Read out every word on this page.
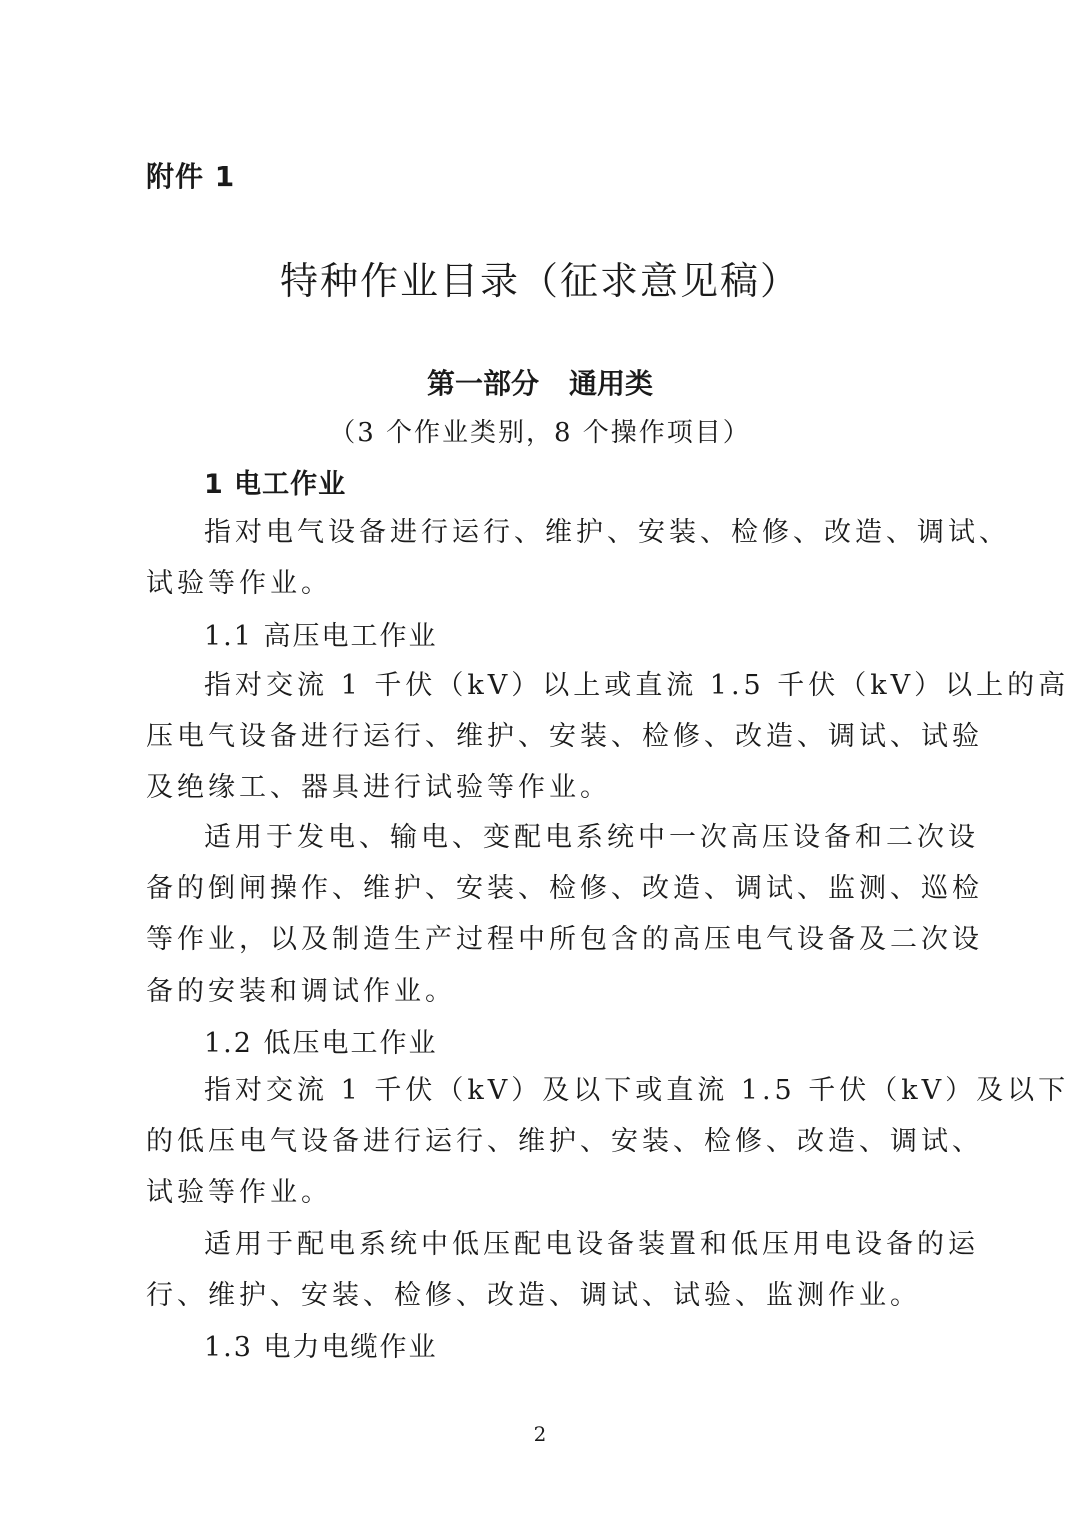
附件 1
特种作业目录（征求意见稿）
第一部分 通用类
（3 个作业类别，8 个操作项目）
1 电工作业
指对电气设备进行运行、维护、安装、检修、改造、调试、
试验等作业。
1.1 高压电工作业
指对交流 1 千伏（kV）以上或直流 1.5 千伏（kV）以上的高
压电气设备进行运行、维护、安装、检修、改造、调试、试验
及绝缘工、器具进行试验等作业。
适用于发电、输电、变配电系统中一次高压设备和二次设
备的倒闸操作、维护、安装、检修、改造、调试、监测、巡检
等作业，以及制造生产过程中所包含的高压电气设备及二次设
备的安装和调试作业。
1.2 低压电工作业
指对交流 1 千伏（kV）及以下或直流 1.5 千伏（kV）及以下
的低压电气设备进行运行、维护、安装、检修、改造、调试、
试验等作业。
适用于配电系统中低压配电设备装置和低压用电设备的运
行、维护、安装、检修、改造、调试、试验、监测作业。
1.3 电力电缆作业
2
